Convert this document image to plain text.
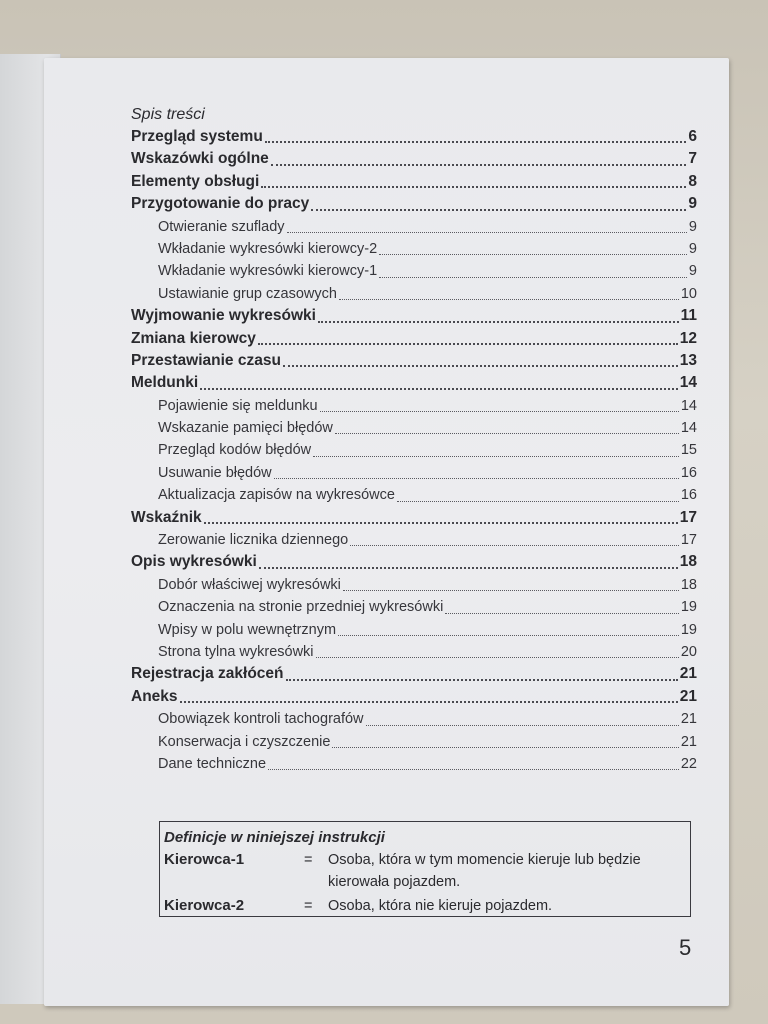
Spis treści
Przegląd systemu	6
Wskazówki ogólne	7
Elementy obsługi	8
Przygotowanie do pracy	9
Otwieranie szuflady	9
Wkładanie wykresówki kierowcy-2	9
Wkładanie wykresówki kierowcy-1	9
Ustawianie grup czasowych	10
Wyjmowanie wykresówki	11
Zmiana kierowcy	12
Przestawianie czasu	13
Meldunki	14
Pojawienie się meldunku	14
Wskazanie pamięci błędów	14
Przegląd kodów błędów	15
Usuwanie błędów	16
Aktualizacja zapisów na wykresówce	16
Wskaźnik	17
Zerowanie licznika dziennego	17
Opis wykresówki	18
Dobór właściwej wykresówki	18
Oznaczenia na stronie przedniej wykresówki	19
Wpisy w polu wewnętrznym	19
Strona tylna wykresówki	20
Rejestracja zakłóceń	21
Aneks	21
Obowiązek kontroli tachografów	21
Konserwacja i czyszczenie	21
Dane techniczne	22
Definicje w niniejszej instrukcji
Kierowca-1	=	Osoba, która w tym momencie kieruje lub będzie kierowała pojazdem.
Kierowca-2	=	Osoba, która nie kieruje pojazdem.
5
